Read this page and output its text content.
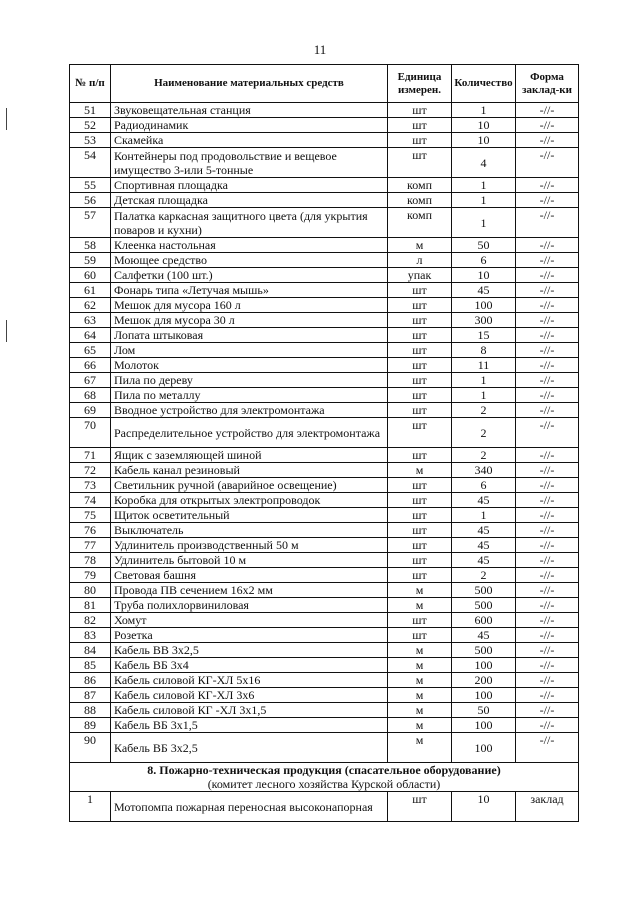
11
№ п/п	Наименование материальных средств	Единица измерен.	Количество	Форма заклад-ки
51	Звуковещательная станция	шт	1	-//-
52	Радиодинамик	шт	10	-//-
53	Скамейка	шт	10	-//-
54	Контейнеры под продовольствие и вещевое имущество 3-или 5-тонные	шт	4	-//-
55	Спортивная площадка	комп	1	-//-
56	Детская площадка	комп	1	-//-
57	Палатка каркасная защитного цвета (для укрытия поваров и кухни)	комп	1	-//-
58	Клеенка настольная	м	50	-//-
59	Моющее средство	л	6	-//-
60	Салфетки (100 шт.)	упак	10	-//-
61	Фонарь типа «Летучая мышь»	шт	45	-//-
62	Мешок для мусора 160 л	шт	100	-//-
63	Мешок для мусора 30 л	шт	300	-//-
64	Лопата штыковая	шт	15	-//-
65	Лом	шт	8	-//-
66	Молоток	шт	11	-//-
67	Пила по дереву	шт	1	-//-
68	Пила по металлу	шт	1	-//-
69	Вводное устройство для электромонтажа	шт	2	-//-
70	Распределительное устройство для электромонтажа	шт	2	-//-
71	Ящик с заземляющей шиной	шт	2	-//-
72	Кабель канал резиновый	м	340	-//-
73	Светильник ручной (аварийное освещение)	шт	6	-//-
74	Коробка для открытых электропроводок	шт	45	-//-
75	Щиток осветительный	шт	1	-//-
76	Выключатель	шт	45	-//-
77	Удлинитель производственный 50 м	шт	45	-//-
78	Удлинитель бытовой 10 м	шт	45	-//-
79	Световая башня	шт	2	-//-
80	Провода ПВ сечением 16х2 мм	м	500	-//-
81	Труба полихлорвиниловая	м	500	-//-
82	Хомут	шт	600	-//-
83	Розетка	шт	45	-//-
84	Кабель ВВ 3х2,5	м	500	-//-
85	Кабель ВБ 3х4	м	100	-//-
86	Кабель силовой КГ-ХЛ 5х16	м	200	-//-
87	Кабель силовой КГ-ХЛ 3х6	м	100	-//-
88	Кабель силовой КГ -ХЛ 3х1,5	м	50	-//-
89	Кабель ВБ 3х1,5	м	100	-//-
90	Кабель ВБ 3х2,5	м	100	-//-

8. Пожарно-техническая продукция (спасательное оборудование)
(комитет лесного хозяйства Курской области)				

1	Мотопомпа пожарная переносная высоконапорная	шт	10	заклад
